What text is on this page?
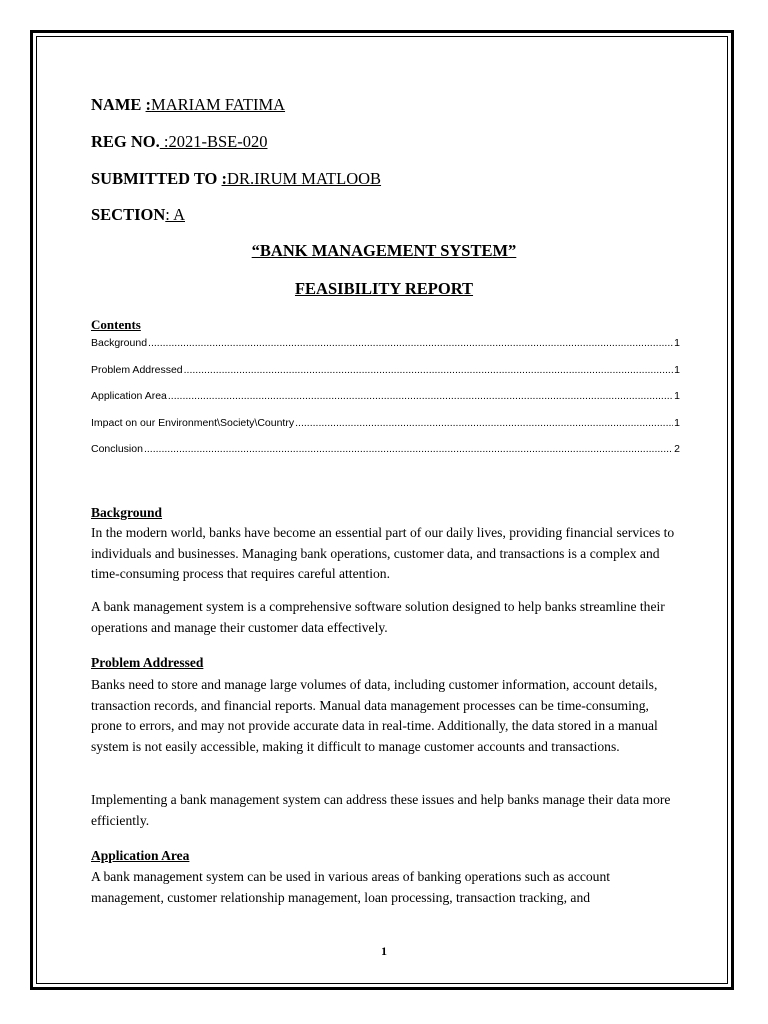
NAME :MARIAM FATIMA
REG NO. :2021-BSE-020
SUBMITTED TO :DR.IRUM MATLOOB
SECTION: A
“BANK MANAGEMENT SYSTEM”
FEASIBILITY REPORT
Contents
Background .....	1
Problem Addressed .....	1
Application Area .....	1
Impact on our Environment\Society\Country .....	1
Conclusion .....	2
Background
In the modern world, banks have become an essential part of our daily lives, providing financial services to individuals and businesses. Managing bank operations, customer data, and transactions is a complex and time-consuming process that requires careful attention.
A bank management system is a comprehensive software solution designed to help banks streamline their operations and manage their customer data effectively.
Problem Addressed
Banks need to store and manage large volumes of data, including customer information, account details, transaction records, and financial reports. Manual data management processes can be time-consuming, prone to errors, and may not provide accurate data in real-time. Additionally, the data stored in a manual system is not easily accessible, making it difficult to manage customer accounts and transactions.
Implementing a bank management system can address these issues and help banks manage their data more efficiently.
Application Area
A bank management system can be used in various areas of banking operations such as account management, customer relationship management, loan processing, transaction tracking, and
1
